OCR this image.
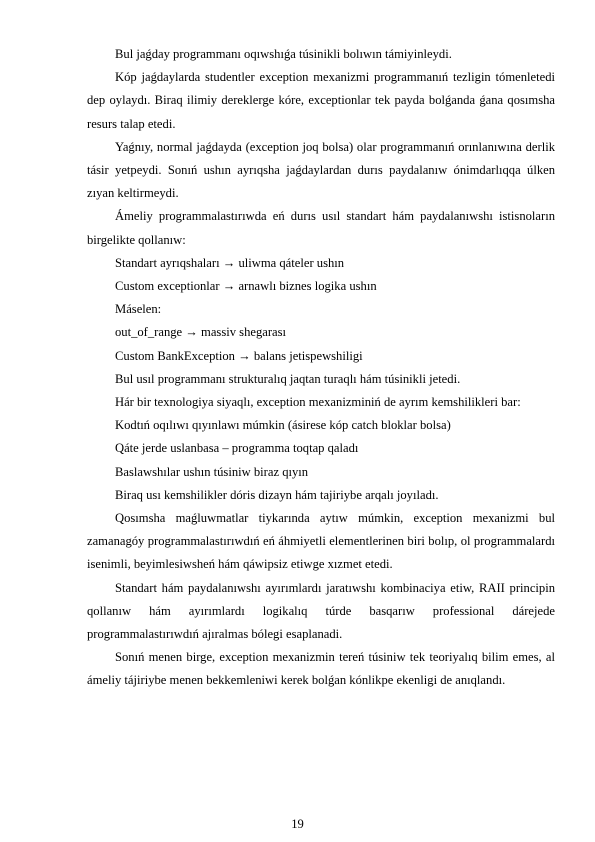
Bul jaǵday programmanı oqıwshıǵa túsinikli bolıwın támiyinleydi.

Kóp jaǵdaylarda studentler exception mexanizmi programmanıń tezligin tómenletedi dep oylaydı. Biraq ilimiy dereklerge kóre, exceptionlar tek payda bolǵanda ǵana qosımsha resurs talap etedi.

Yaǵnıy, normal jaǵdayda (exception joq bolsa) olar programmanıń orınlanıwına derlik tásir yetpeydi. Sonıń ushın ayrıqsha jaǵdaylardan durıs paydalanıw ónimdarlıqqa úlken zıyan keltirmeydi.

Ámeliy programmalastırıwda eń durıs usıl standart hám paydalanıwshı istisnoların birgelikte qollanıw:

Standart ayrıqshaları → uliwma qáteler ushın

Custom exceptionlar → arnawlı biznes logika ushın

Máselen:

out_of_range → massiv shegarası

Custom BankException → balans jetispewshiligi

Bul usıl programmanı strukturalıq jaqtan turaqlı hám túsinikli jetedi.

Hár bir texnologiya siyaqlı, exception mexanizminiń de ayrım kemshilikleri bar:

Kodtıń oqılıwı qıyınlawı múmkin (ásirese kóp catch bloklar bolsa)

Qáte jerde uslanbasa – programma toqtap qaladı

Baslawshılar ushın túsiniw biraz qıyın

Biraq usı kemshilikler dóris dizayn hám tajiriybe arqalı joyıladı.

Qosımsha maǵluwmatlar tiykarında aytıw múmkin, exception mexanizmi bul zamanagóy programmalastırıwdıń eń áhmiyetli elementlerinen biri bolıp, ol programmalardı isenimli, beyimlesiwsheń hám qáwipsiz etiwge xızmet etedi.

Standart hám paydalanıwshı ayırımlardı jaratıwshı kombinaciya etiw, RAII principin qollanıw hám ayırımlardı logikalıq túrde basqarıw professional dárejede programmalastırıwdıń ajıralmas bólegi esaplanadi.

Sonıń menen birge, exception mexanizmin tereń túsiniw tek teoriyalıq bilim emes, al ámeliy tájiriybe menen bekkemleniwi kerek bolǵan kónlikpe ekenligi de anıqlandı.

19
